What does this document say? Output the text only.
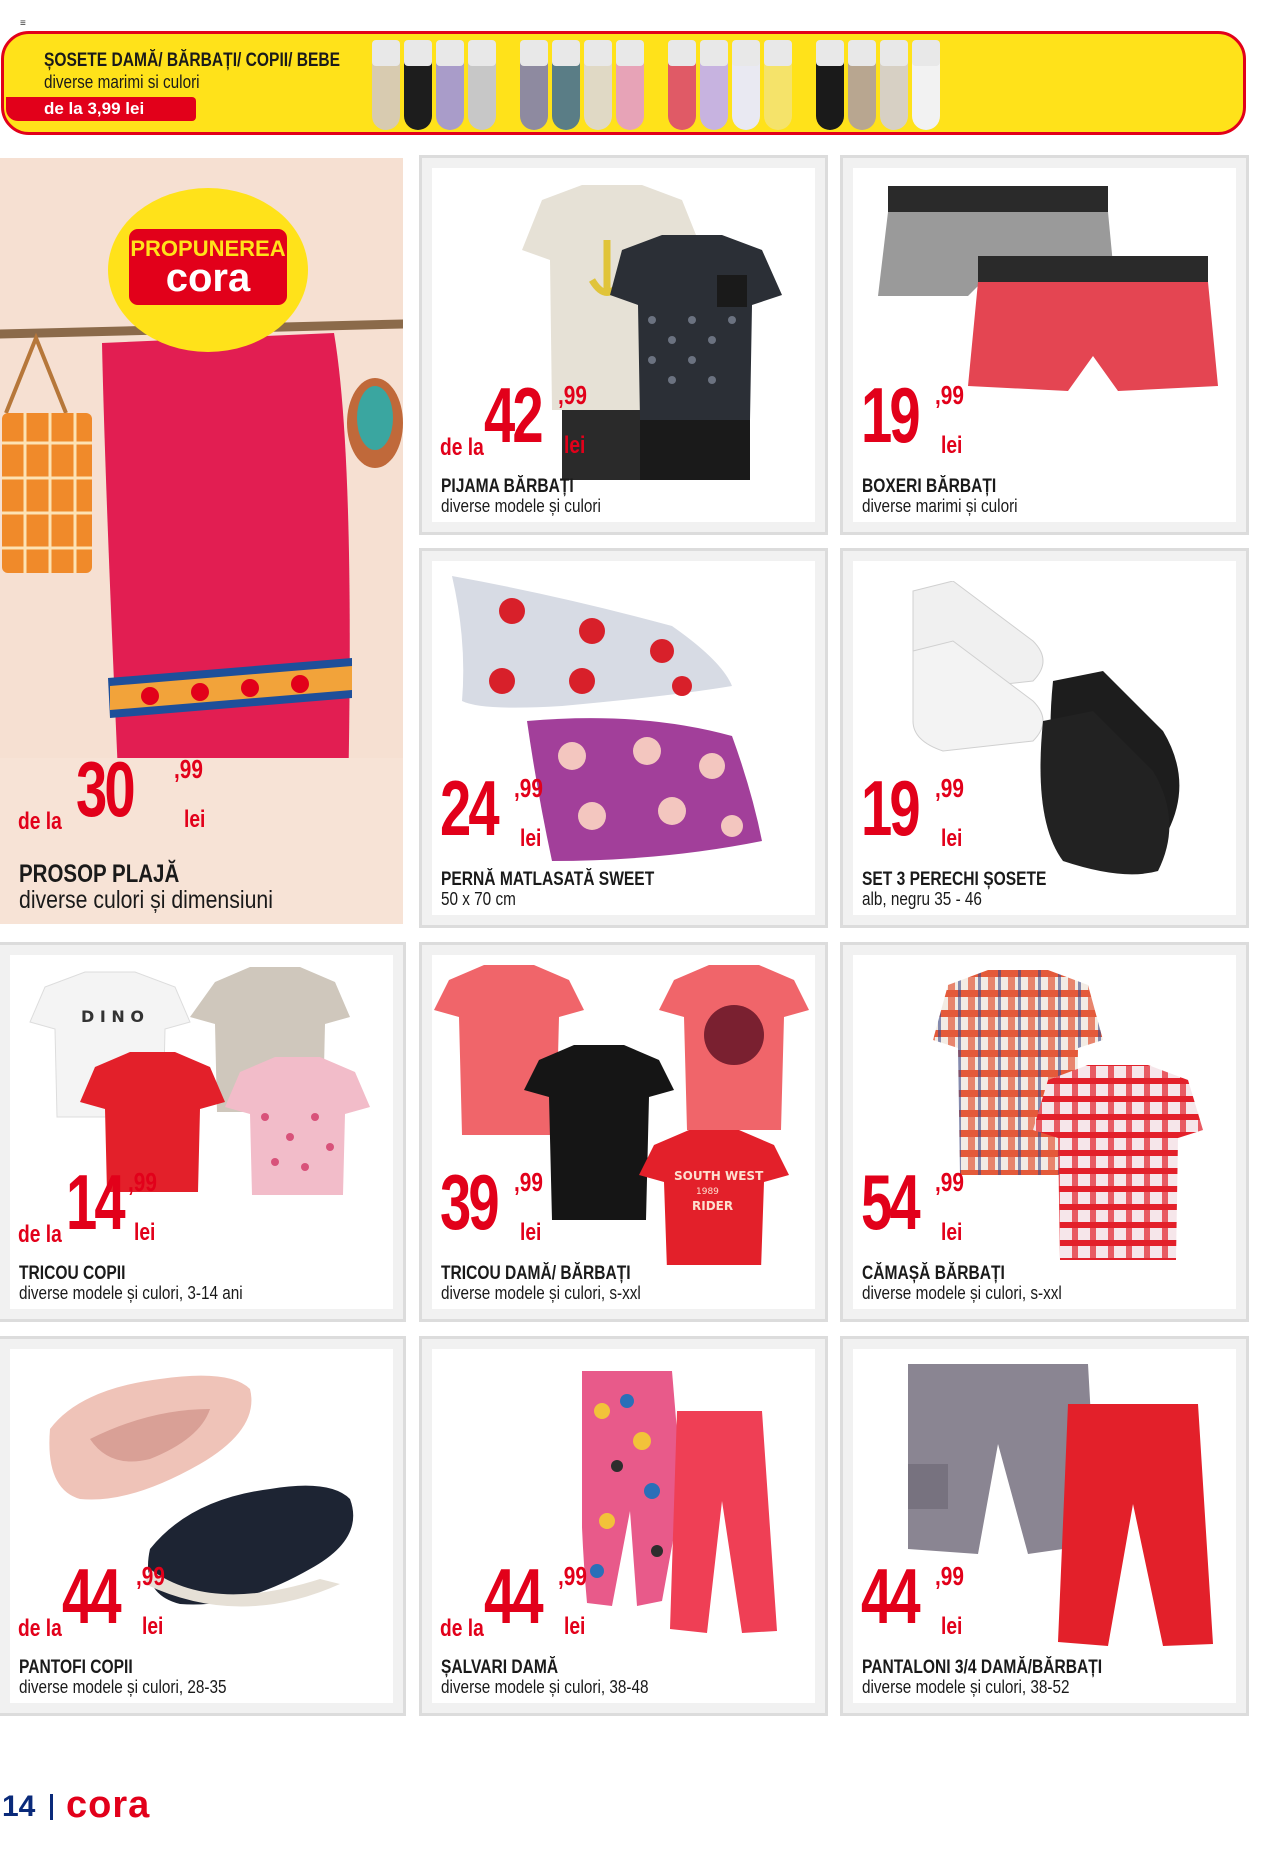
≡
ȘOSETE DAMĂ/ BĂRBAȚI/ COPII/ BEBE
diverse marimi si culori
de la 3,99 lei
PROPUNEREA
cora
de la 30 ,99
lei
PROSOP PLAJĂ
diverse culori și dimensiuni
de la 42 ,99
lei
PIJAMA BĂRBAȚI
diverse modele și culori
19 ,99
lei
BOXERI BĂRBAȚI
diverse marimi și culori
24 ,99
lei
PERNĂ MATLASATĂ SWEET
50 x 70 cm
19 ,99
lei
SET 3 PERECHI ȘOSETE
alb, negru 35 - 46
D I N O
de la 14 ,99
lei
TRICOU COPII
diverse modele și culori, 3-14 ani
SOUTH WEST
1989
RIDER
39 ,99
lei
TRICOU DAMĂ/ BĂRBAȚI
diverse modele și culori, s-xxl
54 ,99
lei
CĂMAȘĂ BĂRBAȚI
diverse modele și culori, s-xxl
de la 44 ,99
lei
PANTOFI COPII
diverse modele și culori, 28-35
de la 44 ,99
lei
ȘALVARI DAMĂ
diverse modele și culori, 38-48
44 ,99
lei
PANTALONI 3/4 DAMĂ/BĂRBAȚI
diverse modele și culori, 38-52
14 cora
